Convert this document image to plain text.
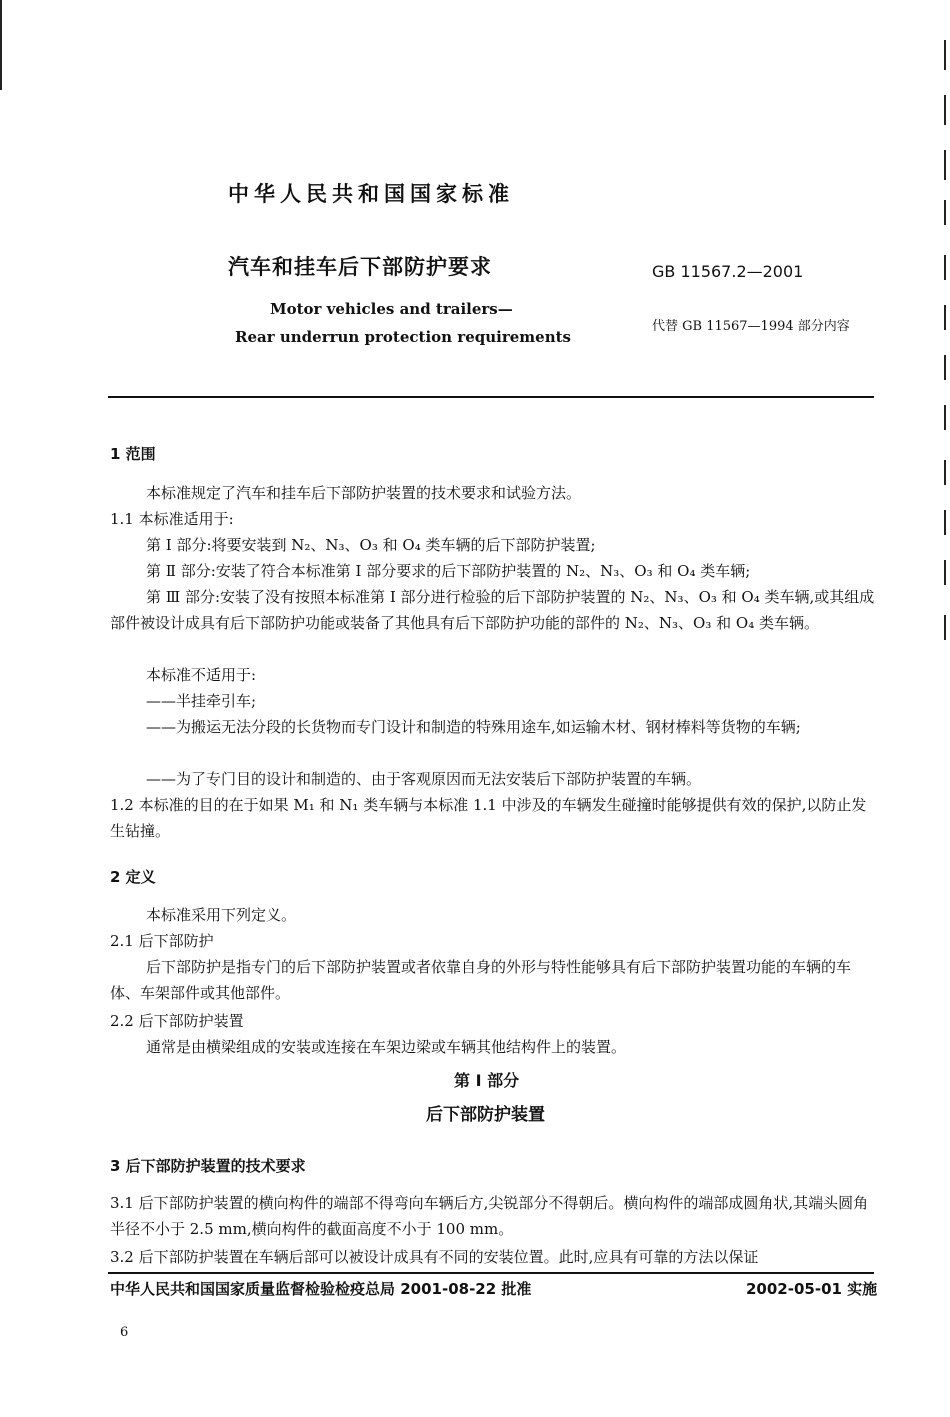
中华人民共和国国家标准
汽车和挂车后下部防护要求	GB 11567.2—2001
Motor vehicles and trailers—
Rear underrun protection requirements
代替 GB 11567—1994 部分内容
1 范围
本标准规定了汽车和挂车后下部防护装置的技术要求和试验方法。
1.1 本标准适用于:
第 I 部分:将要安装到 N₂、N₃、O₃ 和 O₄ 类车辆的后下部防护装置;
第 Ⅱ 部分:安装了符合本标准第 I 部分要求的后下部防护装置的 N₂、N₃、O₃ 和 O₄ 类车辆;
第 Ⅲ 部分:安装了没有按照本标准第 I 部分进行检验的后下部防护装置的 N₂、N₃、O₃ 和 O₄ 类车辆,或其组成部件被设计成具有后下部防护功能或装备了其他具有后下部防护功能的部件的 N₂、N₃、O₃ 和 O₄ 类车辆。
本标准不适用于:
——半挂牵引车;
——为搬运无法分段的长货物而专门设计和制造的特殊用途车,如运输木材、钢材棒料等货物的车辆;
——为了专门目的设计和制造的、由于客观原因而无法安装后下部防护装置的车辆。
1.2 本标准的目的在于如果 M₁ 和 N₁ 类车辆与本标准 1.1 中涉及的车辆发生碰撞时能够提供有效的保护,以防止发生钻撞。
2 定义
本标准采用下列定义。
2.1 后下部防护
后下部防护是指专门的后下部防护装置或者依靠自身的外形与特性能够具有后下部防护装置功能的车辆的车体、车架部件或其他部件。
2.2 后下部防护装置
通常是由横梁组成的安装或连接在车架边梁或车辆其他结构件上的装置。
第 I 部分
后下部防护装置
3 后下部防护装置的技术要求
3.1 后下部防护装置的横向构件的端部不得弯向车辆后方,尖锐部分不得朝后。横向构件的端部成圆角状,其端头圆角半径不小于 2.5 mm,横向构件的截面高度不小于 100 mm。
3.2 后下部防护装置在车辆后部可以被设计成具有不同的安装位置。此时,应具有可靠的方法以保证
中华人民共和国国家质量监督检验检疫总局 2001-08-22 批准	2002-05-01 实施
6
